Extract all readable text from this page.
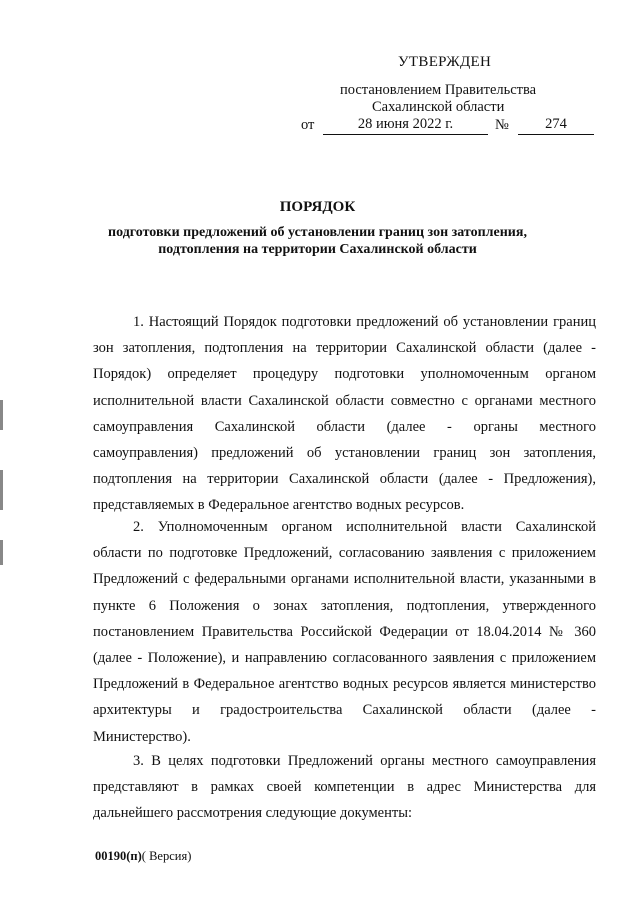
УТВЕРЖДЕН
постановлением Правительства
Сахалинской области
от	28 июня 2022 г.	№	274
ПОРЯДОК
подготовки предложений об установлении границ зон затопления,
подтопления на территории Сахалинской области

1. Настоящий Порядок подготовки предложений об установлении границ зон затопления, подтопления на территории Сахалинской области (далее - Порядок) определяет процедуру подготовки уполномоченным органом исполнительной власти Сахалинской области совместно с органами местного самоуправления Сахалинской области (далее - органы местного самоуправления) предложений об установлении границ зон затопления, подтопления на территории Сахалинской области (далее - Предложения), представляемых в Федеральное агентство водных ресурсов.

2. Уполномоченным органом исполнительной власти Сахалинской области по подготовке Предложений, согласованию заявления с приложением Предложений с федеральными органами исполнительной власти, указанными в пункте 6 Положения о зонах затопления, подтопления, утвержденного постановлением Правительства Российской Федерации от 18.04.2014 № 360 (далее - Положение), и направлению согласованного заявления с приложением Предложений в Федеральное агентство водных ресурсов является министерство архитектуры и градостроительства Сахалинской области (далее - Министерство).

3. В целях подготовки Предложений органы местного самоуправления представляют в рамках своей компетенции в адрес Министерства для дальнейшего рассмотрения следующие документы:

00190(п)( Версия)
